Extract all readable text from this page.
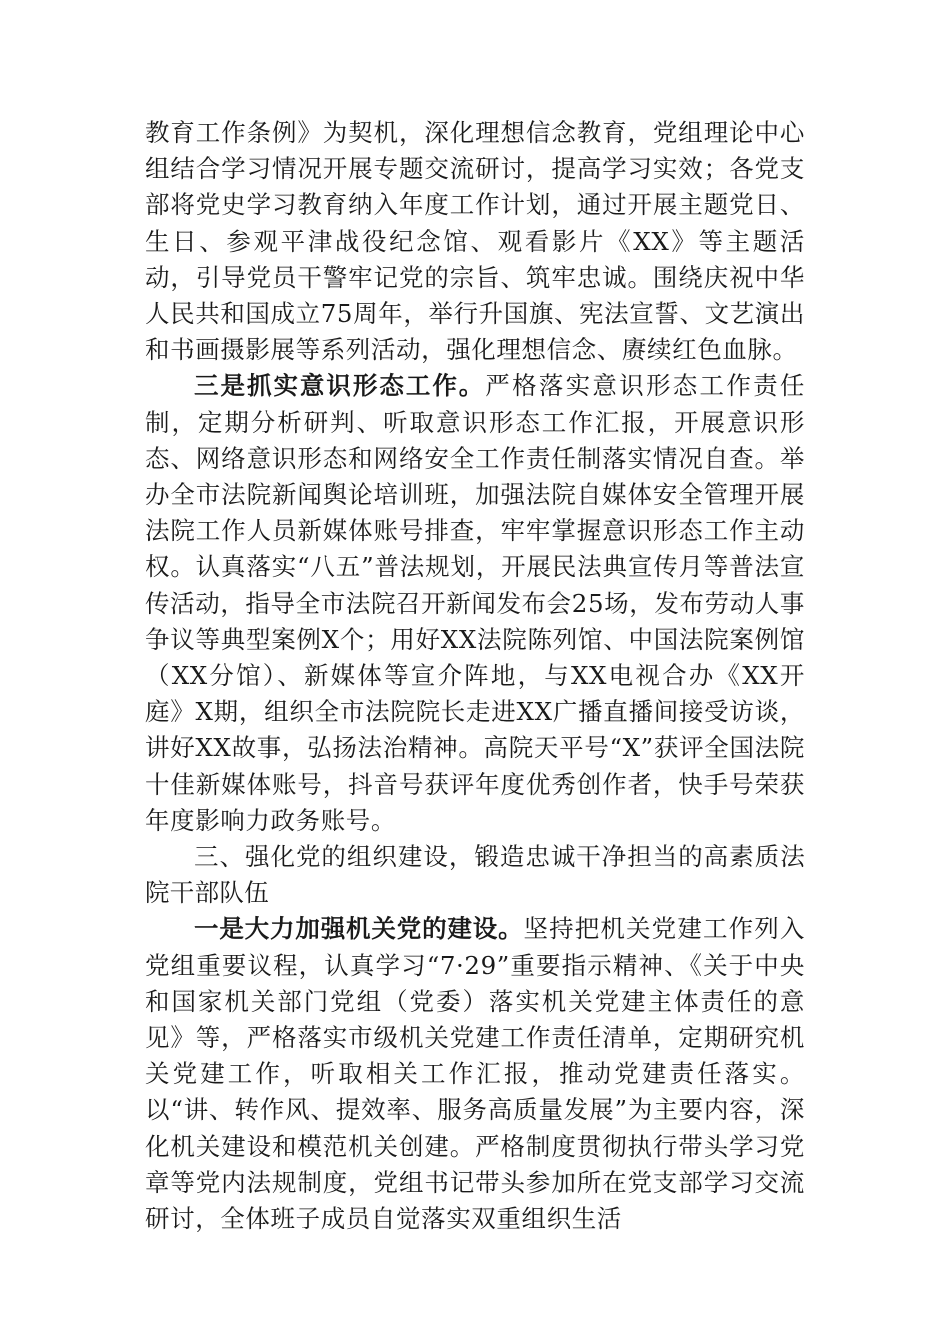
教育工作条例》为契机，深化理想信念教育，党组理论中心组结合学习情况开展专题交流研讨，提高学习实效；各党支部将党史学习教育纳入年度工作计划，通过开展主题党日、生日、参观平津战役纪念馆、观看影片《XX》等主题活动，引导党员干警牢记党的宗旨、筑牢忠诚。围绕庆祝中华人民共和国成立75周年，举行升国旗、宪法宣誓、文艺演出和书画摄影展等系列活动，强化理想信念、赓续红色血脉。

三是抓实意识形态工作。严格落实意识形态工作责任制，定期分析研判、听取意识形态工作汇报，开展意识形态、网络意识形态和网络安全工作责任制落实情况自查。举办全市法院新闻舆论培训班，加强法院自媒体安全管理开展法院工作人员新媒体账号排查，牢牢掌握意识形态工作主动权。认真落实“八五”普法规划，开展民法典宣传月等普法宣传活动，指导全市法院召开新闻发布会25场，发布劳动人事争议等典型案例X个；用好XX法院陈列馆、中国法院案例馆（XX分馆）、新媒体等宣介阵地，与XX电视合办《XX开庭》X期，组织全市法院院长走进XX广播直播间接受访谈，讲好XX故事，弘扬法治精神。高院天平号“X”获评全国法院十佳新媒体账号，抖音号获评年度优秀创作者，快手号荣获年度影响力政务账号。

三、强化党的组织建设，锻造忠诚干净担当的高素质法院干部队伍

一是大力加强机关党的建设。坚持把机关党建工作列入党组重要议程，认真学习“7·29”重要指示精神、《关于中央和国家机关部门党组（党委）落实机关党建主体责任的意见》等，严格落实市级机关党建工作责任清单，定期研究机关党建工作，听取相关工作汇报，推动党建责任落实。以“讲、转作风、提效率、服务高质量发展”为主要内容，深化机关建设和模范机关创建。严格制度贯彻执行带头学习党章等党内法规制度，党组书记带头参加所在党支部学习交流研讨，全体班子成员自觉落实双重组织生活
